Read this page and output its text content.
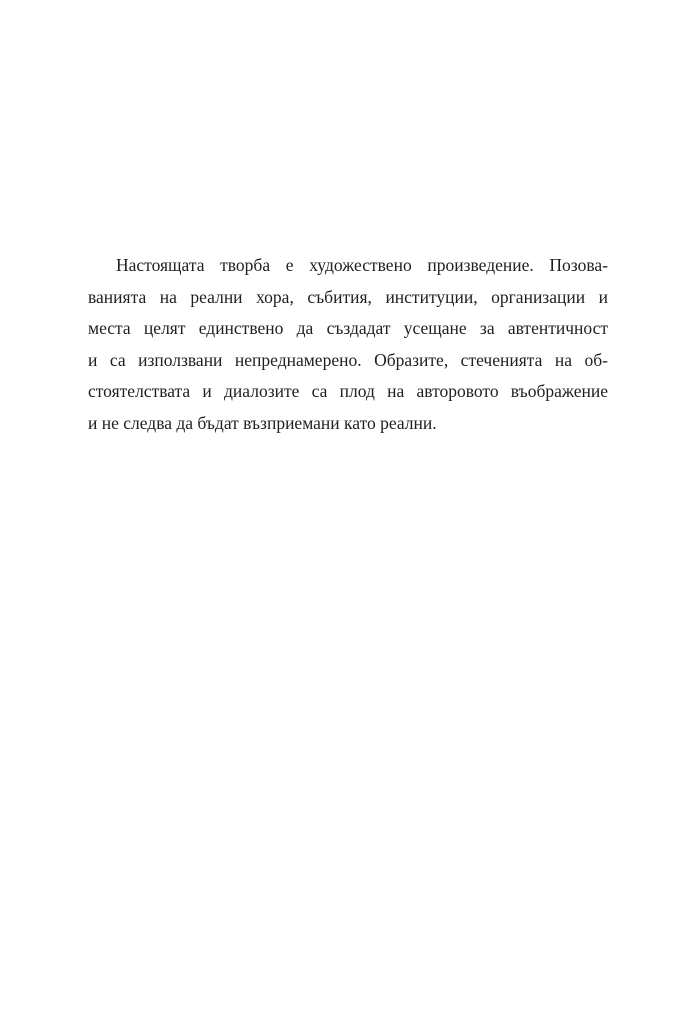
Настоящата творба е художествено произведение. Позова-
ванията на реални хора, събития, институции, организации и
места целят единствено да създадат усещане за автентичност
и са използвани непреднамерено. Образите, стеченията на об-
стоятелствата и диалозите са плод на авторовото въображение
и не следва да бъдат възприемани като реални.
